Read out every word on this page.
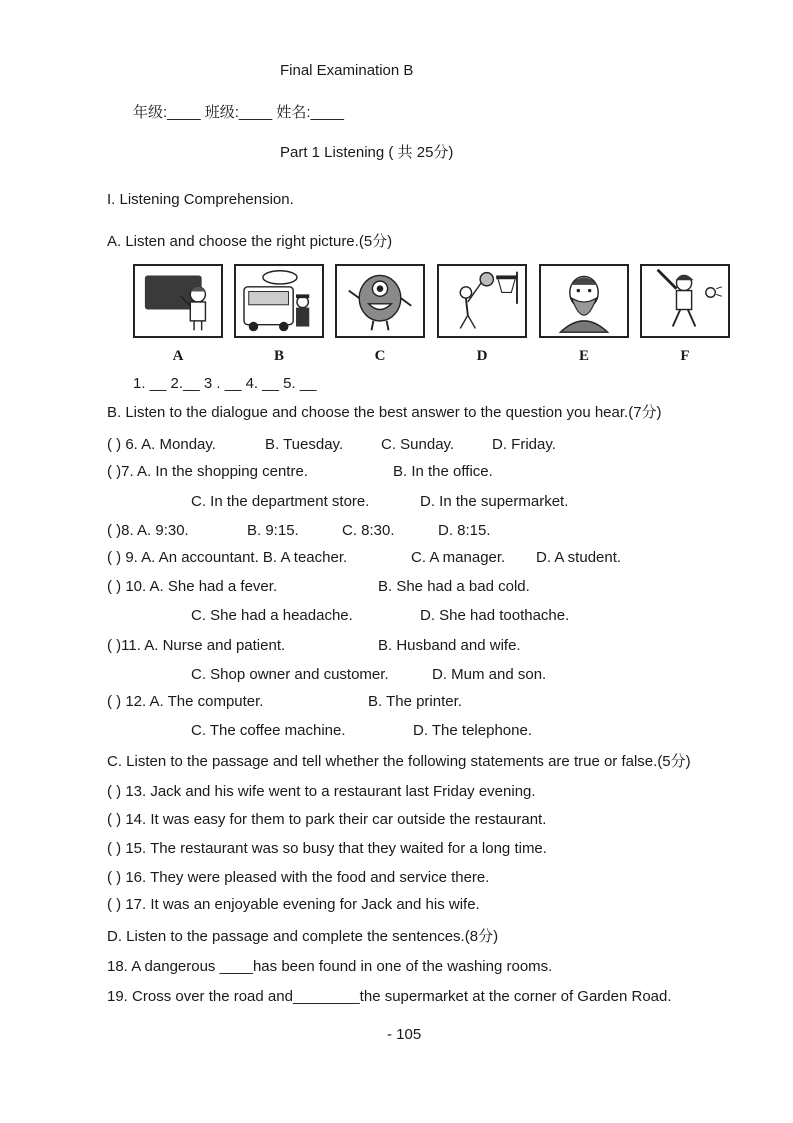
Final Examination B
年级:____ 班级:____ 姓名:____
Part 1 Listening ( 共 25分)
I. Listening Comprehension.
A. Listen and choose the right picture.(5分)
A	B	C	D	E	F
1. __ 2.__ 3 . __ 4. __ 5. __
B. Listen to the dialogue and choose the best answer to the question you hear.(7分)
( ) 6. A. Monday.	B. Tuesday.	C. Sunday.	D. Friday.
( )7. A. In the shopping centre.	B. In the office.
C. In the department store.	D. In the supermarket.
( )8. A. 9:30.	B. 9:15.	C. 8:30.	D. 8:15.
( ) 9. A. An accountant. B. A teacher.	C. A manager. D. A student.
( ) 10. A. She had a fever.	B. She had a bad cold.
C. She had a headache.	D. She had toothache.
( )11. A. Nurse and patient.	B. Husband and wife.
C. Shop owner and customer.	D. Mum and son.
( ) 12. A. The computer.	B. The printer.
C. The coffee machine.	D. The telephone.
C. Listen to the passage and tell whether the following statements are true or false.(5分)
( ) 13. Jack and his wife went to a restaurant last Friday evening.
( ) 14. It was easy for them to park their car outside the restaurant.
( ) 15. The restaurant was so busy that they waited for a long time.
( ) 16. They were pleased with the food and service there.
( ) 17. It was an enjoyable evening for Jack and his wife.
D. Listen to the passage and complete the sentences.(8分)
18. A dangerous ____has been found in one of the washing rooms.
19. Cross over the road and________the supermarket at the corner of Garden Road.
- 105
